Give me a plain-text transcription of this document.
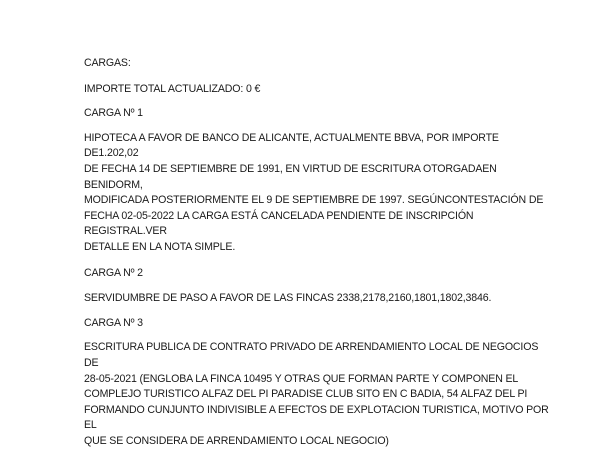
CARGAS:

IMPORTE TOTAL ACTUALIZADO: 0 €

CARGA Nº 1

HIPOTECA A FAVOR DE BANCO DE ALICANTE, ACTUALMENTE BBVA, POR IMPORTE DE1.202,02

DE FECHA 14 DE SEPTIEMBRE DE 1991, EN VIRTUD DE ESCRITURA OTORGADAEN BENIDORM,

MODIFICADA POSTERIORMENTE EL 9 DE SEPTIEMBRE DE 1997. SEGÚNCONTESTACIÓN DE

FECHA 02-05-2022 LA CARGA ESTÁ CANCELADA PENDIENTE DE INSCRIPCIÓN REGISTRAL.VER

DETALLE EN LA NOTA SIMPLE.

CARGA Nº 2

SERVIDUMBRE DE PASO A FAVOR DE LAS FINCAS 2338,2178,2160,1801,1802,3846.

CARGA Nº 3

ESCRITURA PUBLICA DE CONTRATO PRIVADO DE ARRENDAMIENTO LOCAL DE NEGOCIOS DE

28-05-2021 (ENGLOBA LA FINCA 10495 Y OTRAS QUE FORMAN PARTE Y COMPONEN EL

COMPLEJO TURISTICO ALFAZ DEL PI PARADISE CLUB SITO EN C BADIA, 54 ALFAZ DEL PI

FORMANDO CUNJUNTO INDIVISIBLE A EFECTOS DE EXPLOTACION TURISTICA, MOTIVO POR EL

QUE SE CONSIDERA DE ARRENDAMIENTO LOCAL NEGOCIO)
